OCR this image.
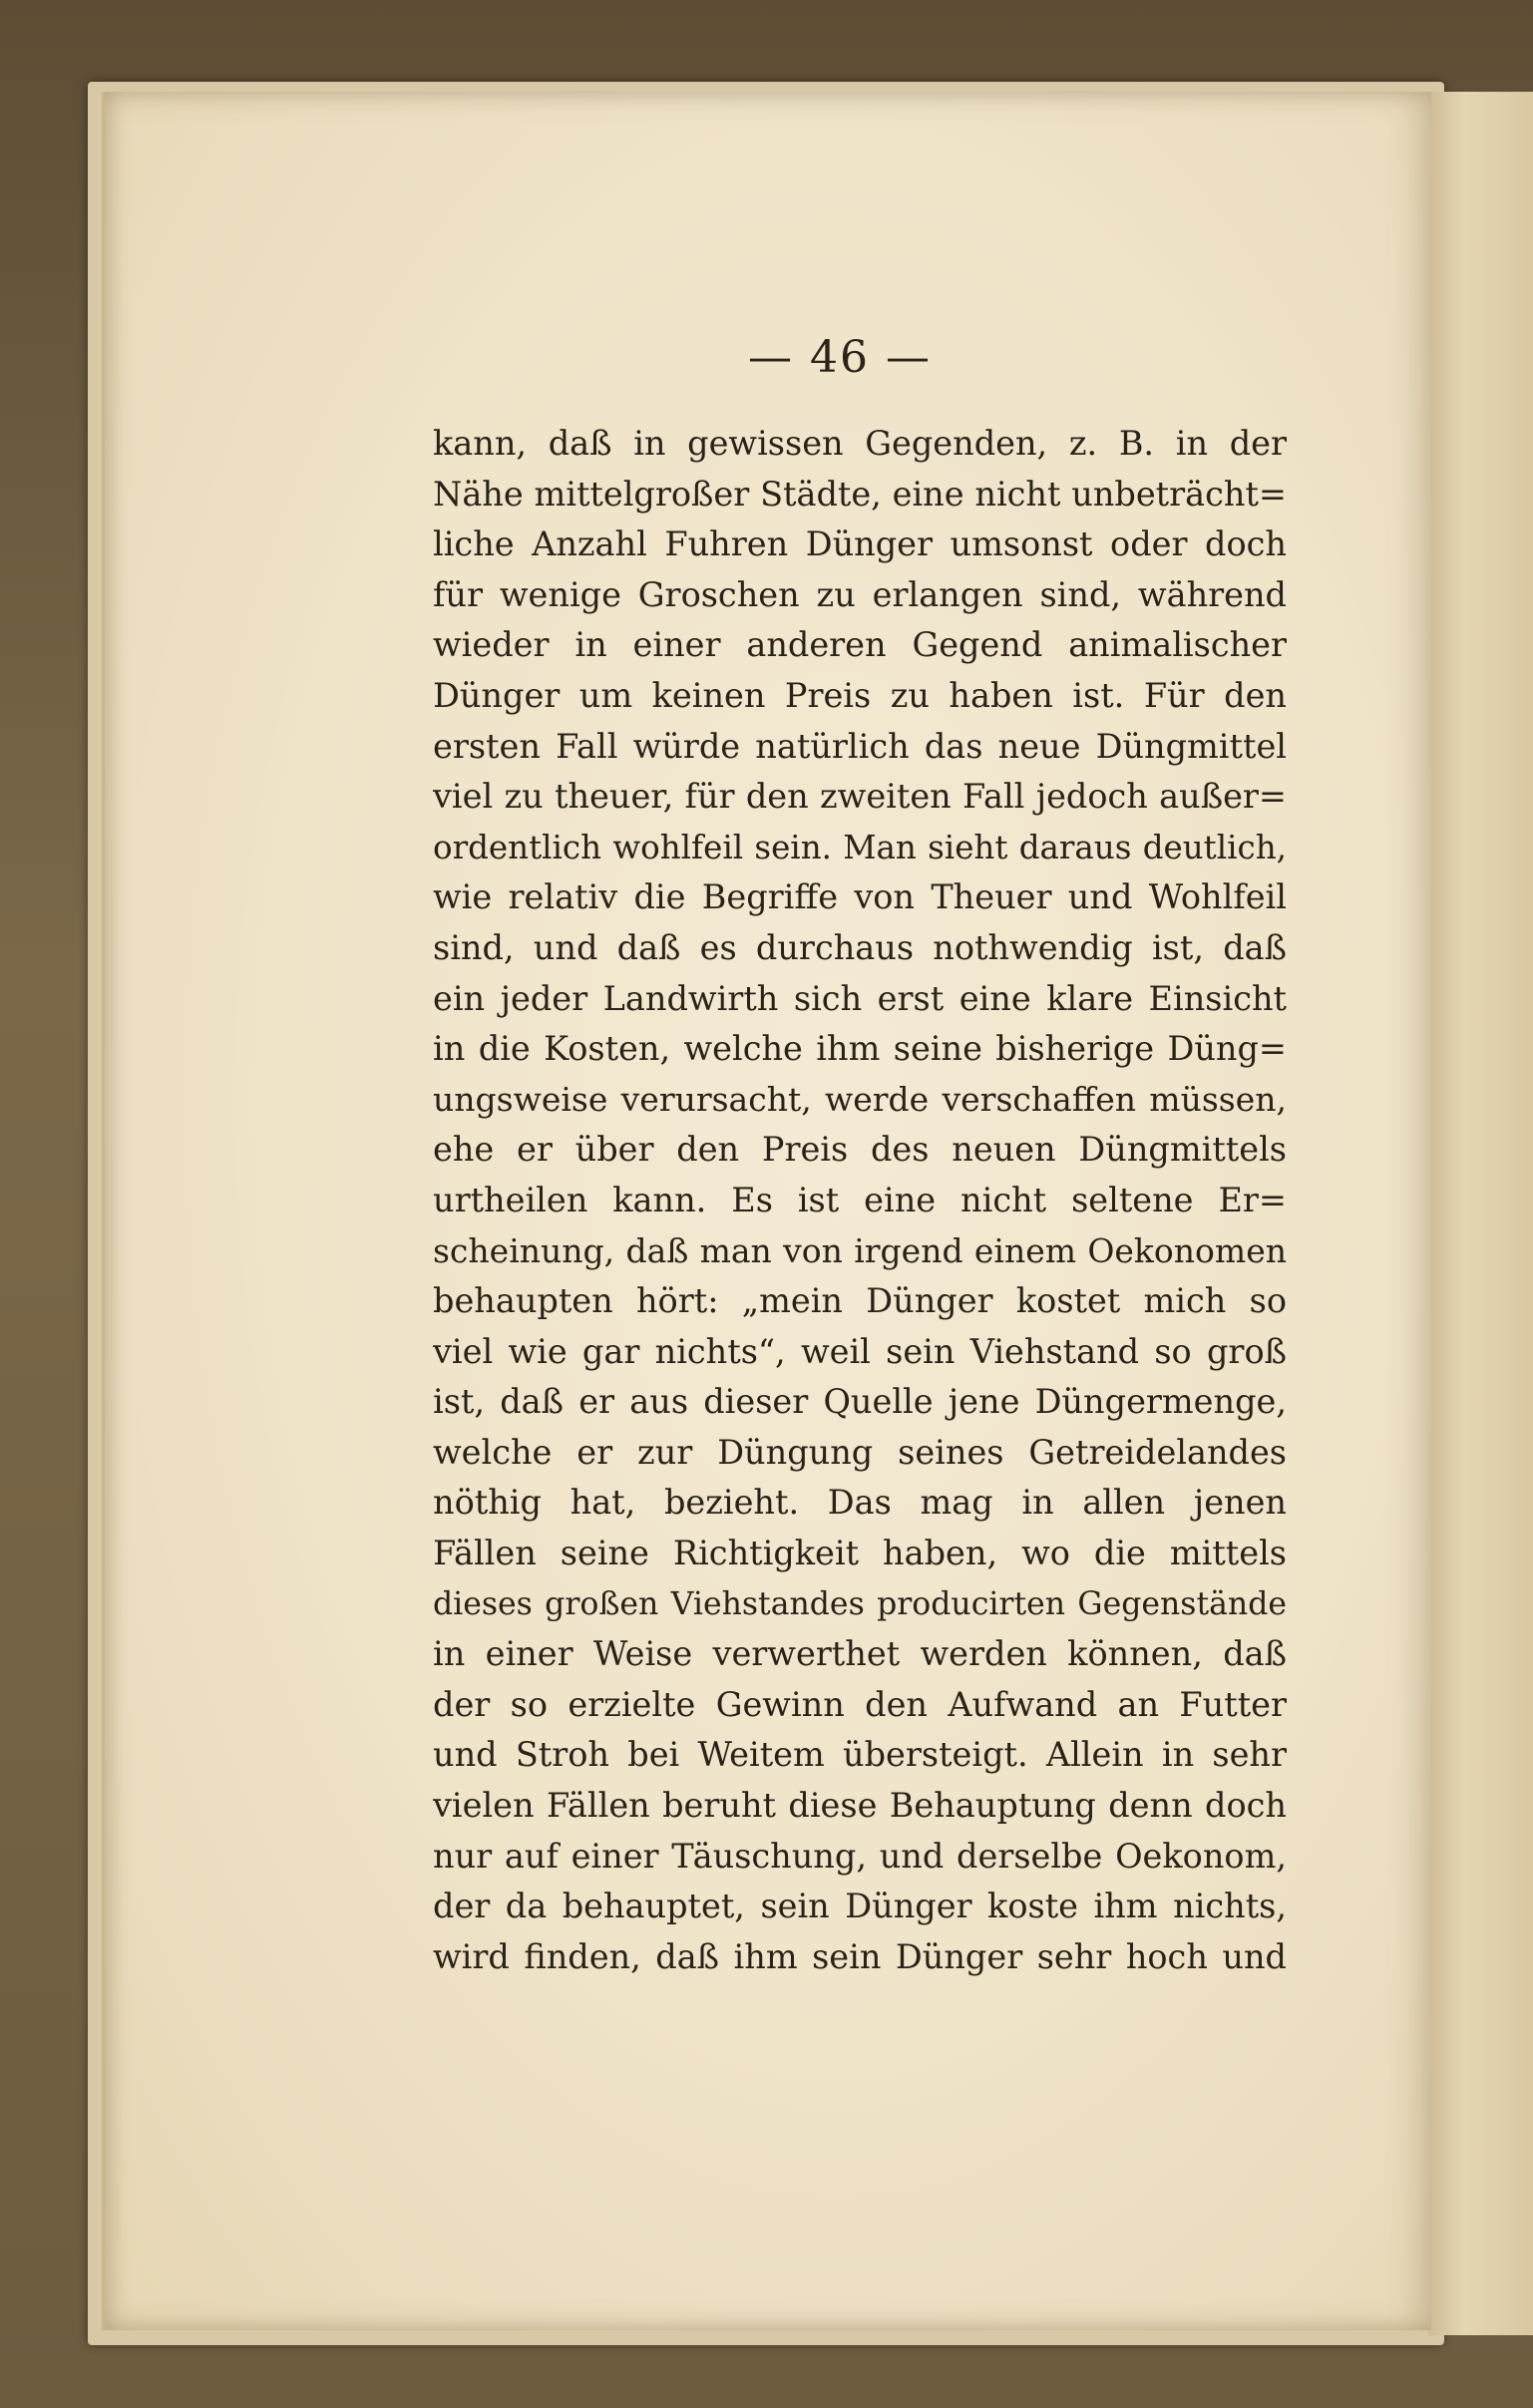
— 46 —
kann, daß in gewissen Gegenden, z. B. in der
Nähe mittelgroßer Städte, eine nicht unbeträcht=
liche Anzahl Fuhren Dünger umsonst oder doch
für wenige Groschen zu erlangen sind, während
wieder in einer anderen Gegend animalischer
Dünger um keinen Preis zu haben ist. Für den
ersten Fall würde natürlich das neue Düngmittel
viel zu theuer, für den zweiten Fall jedoch außer=
ordentlich wohlfeil sein. Man sieht daraus deutlich,
wie relativ die Begriffe von Theuer und Wohlfeil
sind, und daß es durchaus nothwendig ist, daß
ein jeder Landwirth sich erst eine klare Einsicht
in die Kosten, welche ihm seine bisherige Düng=
ungsweise verursacht, werde verschaffen müssen,
ehe er über den Preis des neuen Düngmittels
urtheilen kann. Es ist eine nicht seltene Er=
scheinung, daß man von irgend einem Oekonomen
behaupten hört: „mein Dünger kostet mich so
viel wie gar nichts“, weil sein Viehstand so groß
ist, daß er aus dieser Quelle jene Düngermenge,
welche er zur Düngung seines Getreidelandes
nöthig hat, bezieht. Das mag in allen jenen
Fällen seine Richtigkeit haben, wo die mittels
dieses großen Viehstandes producirten Gegenstände
in einer Weise verwerthet werden können, daß
der so erzielte Gewinn den Aufwand an Futter
und Stroh bei Weitem übersteigt. Allein in sehr
vielen Fällen beruht diese Behauptung denn doch
nur auf einer Täuschung, und derselbe Oekonom,
der da behauptet, sein Dünger koste ihm nichts,
wird finden, daß ihm sein Dünger sehr hoch und
